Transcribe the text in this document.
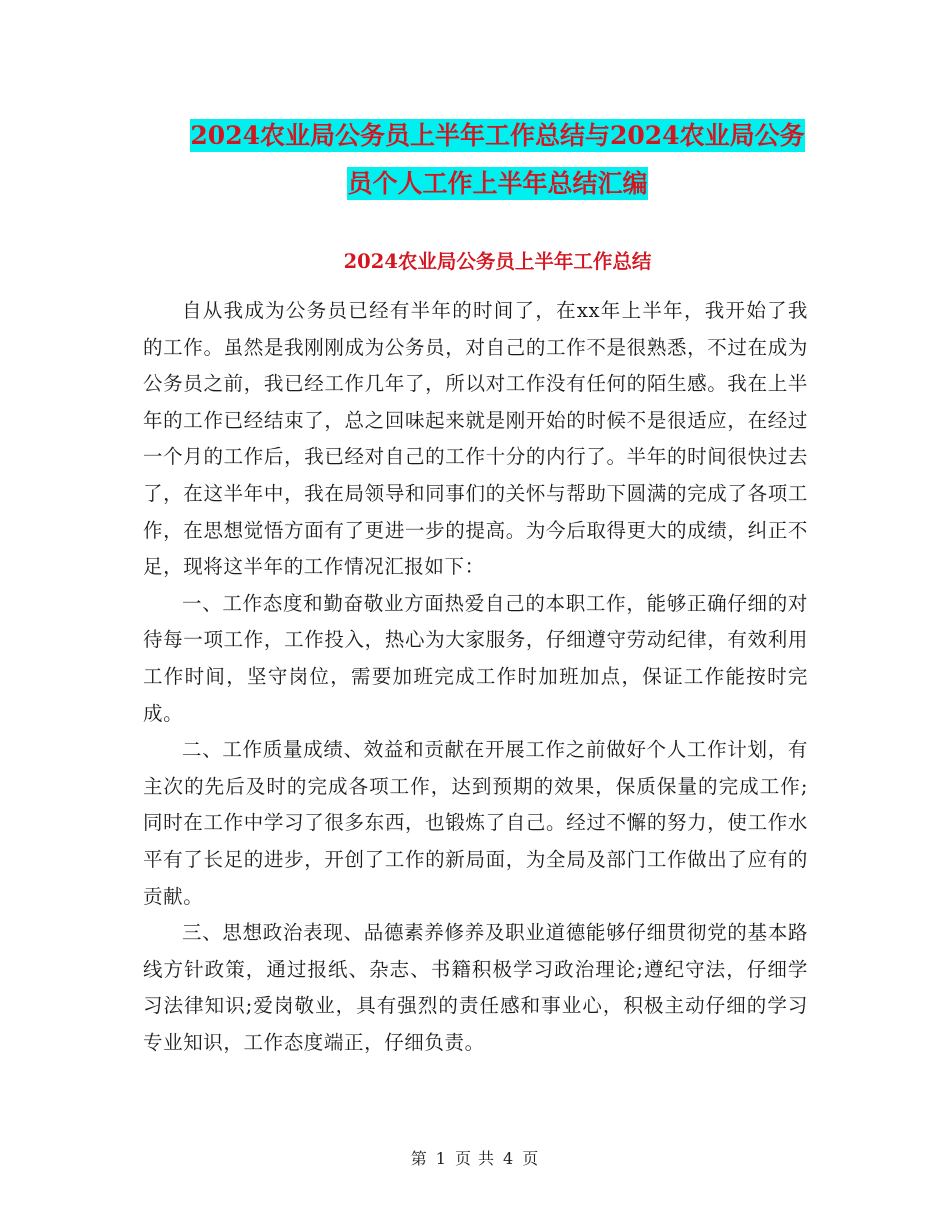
2024农业局公务员上半年工作总结与2024农业局公务
员个人工作上半年总结汇编
2024农业局公务员上半年工作总结

自从我成为公务员已经有半年的时间了，在xx年上半年，我开始了我的工作。虽然是我刚刚成为公务员，对自己的工作不是很熟悉，不过在成为公务员之前，我已经工作几年了，所以对工作没有任何的陌生感。我在上半年的工作已经结束了，总之回味起来就是刚开始的时候不是很适应，在经过一个月的工作后，我已经对自己的工作十分的内行了。半年的时间很快过去了，在这半年中，我在局领导和同事们的关怀与帮助下圆满的完成了各项工作，在思想觉悟方面有了更进一步的提高。为今后取得更大的成绩，纠正不足，现将这半年的工作情况汇报如下：

一、工作态度和勤奋敬业方面热爱自己的本职工作，能够正确仔细的对待每一项工作，工作投入，热心为大家服务，仔细遵守劳动纪律，有效利用工作时间，坚守岗位，需要加班完成工作时加班加点，保证工作能按时完成。

二、工作质量成绩、效益和贡献在开展工作之前做好个人工作计划，有主次的先后及时的完成各项工作，达到预期的效果，保质保量的完成工作;同时在工作中学习了很多东西，也锻炼了自己。经过不懈的努力，使工作水平有了长足的进步，开创了工作的新局面，为全局及部门工作做出了应有的贡献。

三、思想政治表现、品德素养修养及职业道德能够仔细贯彻党的基本路线方针政策，通过报纸、杂志、书籍积极学习政治理论;遵纪守法，仔细学习法律知识;爱岗敬业，具有强烈的责任感和事业心，积极主动仔细的学习专业知识，工作态度端正，仔细负责。

第 1 页 共 4 页
